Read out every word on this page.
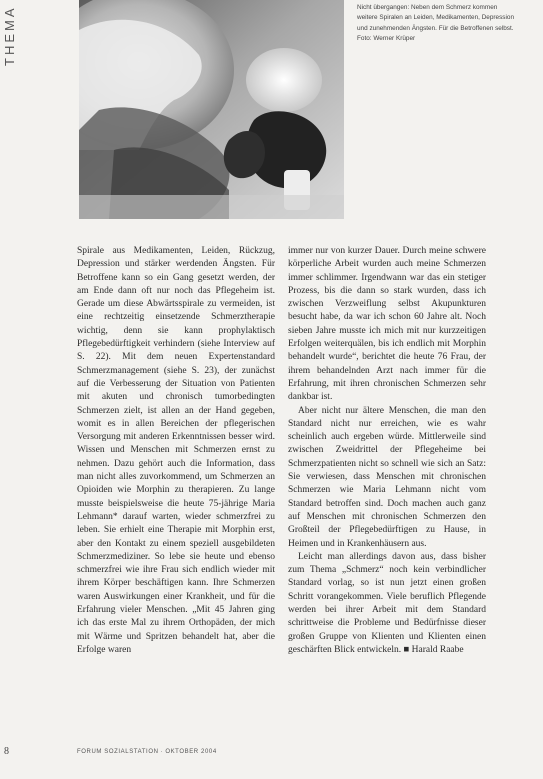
THEMA	Nicht übergangen: Neben dem Schmerz kommen weitere Spiralen an Leiden, Medikamenten, Depression und zunehmenden Ängsten. Für die Betroffenen selbst. Foto: Werner Krüper

Spirale aus Medikamenten, Leiden, Rückzug, Depression und stärker werdenden Ängsten. Für Betroffene kann so ein Gang gesetzt werden, der am Ende dann oft nur noch das Pflegeheim ist. Gerade um diese Abwärtsspirale zu vermeiden, ist eine rechtzeitig einsetzende Schmerztherapie wichtig, denn sie kann prophylaktisch Pflegebedürftigkeit verhindern (siehe Interview auf S. 22). Mit dem neuen Expertenstandard Schmerzmanagement (siehe S. 23), der zunächst auf die Verbesserung der Situation von Patienten mit akuten und chronisch tumorbedingten Schmerzen zielt, ist allen an der Hand gegeben, womit es in allen Bereichen der pflegerischen Versorgung mit anderen Erkenntnissen besser wird. Wissen und Menschen mit Schmerzen ernst zu nehmen. Dazu gehört auch die Information, dass man nicht alles zuvorkommend, um Schmerzen an Opioiden wie Morphin zu therapieren. Zu lange musste beispielsweise die heute 75-jährige Maria Lehmann* darauf warten, wieder schmerzfrei zu leben. Sie erhielt eine Therapie mit Morphin erst, aber den Kontakt zu einem speziell ausgebildeten Schmerzmediziner. So lebe sie heute und ebenso schmerzfrei wie ihre Frau sich endlich wieder mit ihrem Körper beschäftigen kann. Ihre Schmerzen waren Auswirkungen einer Krankheit, und für die Erfahrung vieler Menschen. „Mit 45 Jahren ging ich das erste Mal zu ihrem Orthopäden, der mich mit Wärme und Spritzen behandelt hat, aber die Erfolge waren

immer nur von kurzer Dauer. Durch meine schwere körperliche Arbeit wurden auch meine Schmerzen immer schlimmer. Irgendwann war das ein stetiger Prozess, bis die dann so stark wurden, dass ich zwischen Verzweiflung selbst Akupunkturen besucht habe, da war ich schon 60 Jahre alt. Noch sieben Jahre musste ich mich mit nur kurzzeitigen Erfolgen weiterquälen, bis ich endlich mit Morphin behandelt wurde“, berichtet die heute 76 Frau, der ihrem behandelnden Arzt nach immer für die Erfahrung, mit ihren chronischen Schmerzen sehr dankbar ist.

Aber nicht nur ältere Menschen, die man den Standard nicht nur erreichen, wie es wahr scheinlich auch ergeben würde. Mittlerweile sind zwischen Zweidrittel der Pflegeheime bei Schmerzpatienten nicht so schnell wie sich an Satz: Sie verwiesen, dass Menschen mit chronischen Schmerzen wie Maria Lehmann nicht vom Standard betroffen sind. Doch machen auch ganz auf Menschen mit chronischen Schmerzen den Großteil der Pflegebedürftigen zu Hause, in Heimen und in Krankenhäusern aus.

Leicht man allerdings davon aus, dass bisher zum Thema „Schmerz“ noch kein verbindlicher Standard vorlag, so ist nun jetzt einen großen Schritt vorangekommen. Viele beruflich Pflegende werden bei ihrer Arbeit mit dem Standard schrittweise die Probleme und Bedürfnisse dieser großen Gruppe von Klienten und Klienten einen geschärften Blick entwickeln. ■ Harald Raabe

8	FORUM SOZIALSTATION ∙ OKTOBER 2004
